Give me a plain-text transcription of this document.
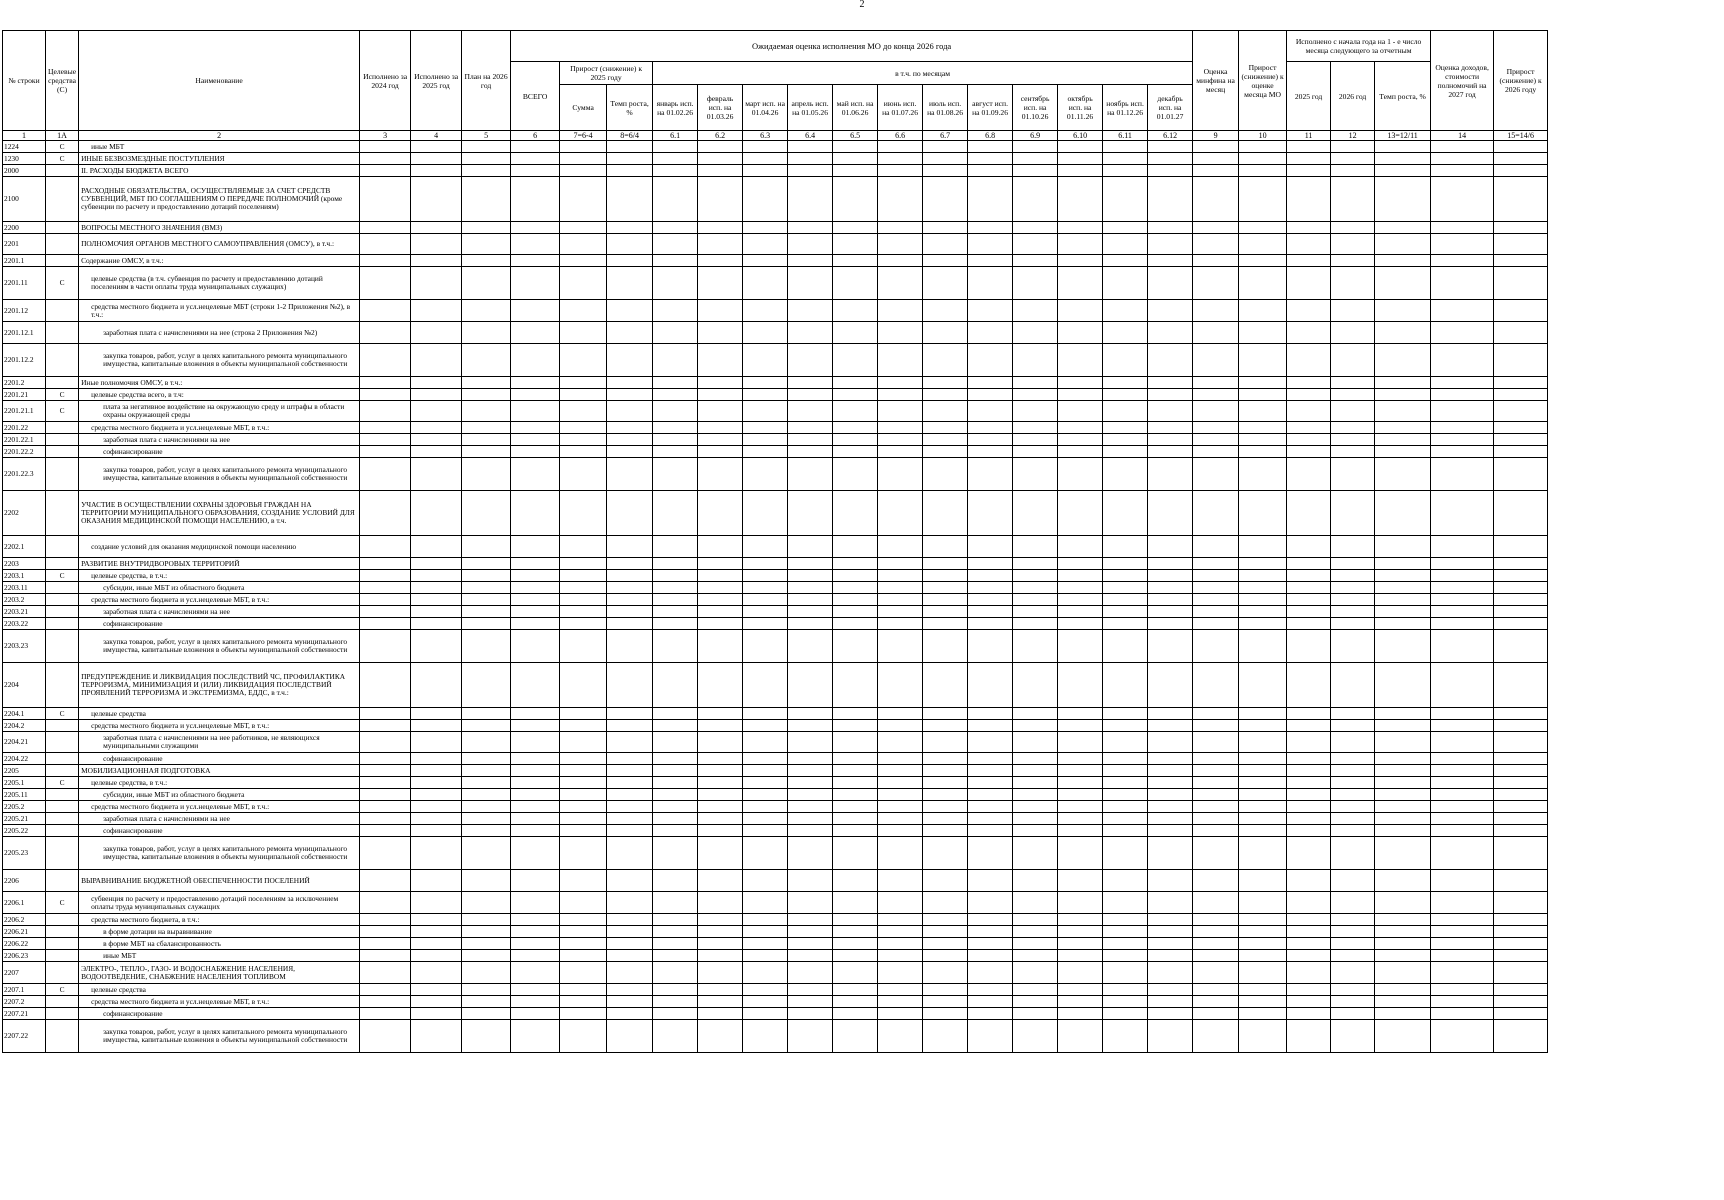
2
№ строки	Целевые средства (С)	Наименование	Исполнено за 2024 год	Исполнено за 2025 год	План на 2026 год	Ожидаемая оценка исполнения МО до конца 2026 года															Оценка минфина на месяц	Прирост (снижение) к оценке месяца МО	Исполнено с начала года на 1 - е число месяца следующего за отчетным			Оценка доходов, стоимости полномочий на 2027 год	Прирост (снижение) к 2026 году
						ВСЕГО	Прирост (снижение) к 2025 году		в т.ч. по месяцам														2025 год	2026 год	Темп роста, %		
							Сумма	Темп роста, %	январь исп. на 01.02.26	февраль исп. на 01.03.26	март исп. на 01.04.26	апрель исп. на 01.05.26	май исп. на 01.06.26	июнь исп. на 01.07.26	июль исп. на 01.08.26	август исп. на 01.09.26	сентябрь исп. на 01.10.26	октябрь исп. на 01.11.26	ноябрь исп. на 01.12.26	декабрь исп. на 01.01.27							
1	1А	2	3	4	5	6	7=6-4	8=6/4	6.1	6.2	6.3	6.4	6.5	6.6	6.7	6.8	6.9	6.10	6.11	6.12	9	10	11	12	13=12/11	14	15=14/6
1224	С	иные МБТ																									
1230	С	ИНЫЕ БЕЗВОЗМЕЗДНЫЕ ПОСТУПЛЕНИЯ																									
2000		II. РАСХОДЫ БЮДЖЕТА ВСЕГО																									
2100		РАСХОДНЫЕ ОБЯЗАТЕЛЬСТВА, ОСУЩЕСТВЛЯЕМЫЕ ЗА СЧЕТ СРЕДСТВ СУБВЕНЦИЙ, МБТ ПО СОГЛАШЕНИЯМ О ПЕРЕДАЧЕ ПОЛНОМОЧИЙ (кроме субвенции по расчету и предоставлению дотаций поселениям)																									
2200		ВОПРОСЫ МЕСТНОГО ЗНАЧЕНИЯ (ВМЗ)																									
2201		ПОЛНОМОЧИЯ ОРГАНОВ МЕСТНОГО САМОУПРАВЛЕНИЯ (ОМСУ), в т.ч.:																									
2201.1		Содержание ОМСУ, в т.ч.:																									
2201.11	С	целевые средства (в т.ч. субвенция по расчету и предоставлению дотаций поселениям в части оплаты труда муниципальных служащих)																									
2201.12		средства местного бюджета и усл.нецелевые МБТ (строки 1-2 Приложения №2), в т.ч.:																									
2201.12.1		заработная плата с начислениями на нее (строка 2 Приложения №2)																									
2201.12.2		закупка товаров, работ, услуг в целях капитального ремонта муниципального имущества, капитальные вложения в объекты муниципальной собственности																									
2201.2		Иные полномочия ОМСУ, в т.ч.:																									
2201.21	С	целевые средства всего, в т.ч:																									
2201.21.1	С	плата за негативное воздействие на окружающую среду и штрафы в области охраны окружающей среды																									
2201.22		средства местного бюджета и усл.нецелевые МБТ, в т.ч.:																									
2201.22.1		заработная плата с начислениями на нее																									
2201.22.2		софинансирование																									
2201.22.3		закупка товаров, работ, услуг в целях капитального ремонта муниципального имущества, капитальные вложения в объекты муниципальной собственности																									
2202		УЧАСТИЕ В ОСУЩЕСТВЛЕНИИ ОХРАНЫ ЗДОРОВЬЯ ГРАЖДАН НА ТЕРРИТОРИИ МУНИЦИПАЛЬНОГО ОБРАЗОВАНИЯ, СОЗДАНИЕ УСЛОВИЙ ДЛЯ ОКАЗАНИЯ МЕДИЦИНСКОЙ ПОМОЩИ НАСЕЛЕНИЮ, в т.ч.																									
2202.1		создание условий для оказания медицинской помощи населению																									
2203		РАЗВИТИЕ ВНУТРИДВОРОВЫХ ТЕРРИТОРИЙ																									
2203.1	С	целевые средства, в т.ч.:																									
2203.11		субсидии, иные МБТ из областного бюджета																									
2203.2		средства местного бюджета и усл.нецелевые МБТ, в т.ч.:																									
2203.21		заработная плата с начислениями на нее																									
2203.22		софинансирование																									
2203.23		закупка товаров, работ, услуг в целях капитального ремонта муниципального имущества, капитальные вложения в объекты муниципальной собственности																									
2204		ПРЕДУПРЕЖДЕНИЕ И ЛИКВИДАЦИЯ ПОСЛЕДСТВИЙ ЧС, ПРОФИЛАКТИКА ТЕРРОРИЗМА, МИНИМИЗАЦИЯ И (ИЛИ) ЛИКВИДАЦИЯ ПОСЛЕДСТВИЙ ПРОЯВЛЕНИЙ ТЕРРОРИЗМА И ЭКСТРЕМИЗМА, ЕДДС, в т.ч.:																									
2204.1	С	целевые средства																									
2204.2		средства местного бюджета и усл.нецелевые МБТ, в т.ч.:																									
2204.21		заработная плата с начислениями на нее работников, не являющихся муниципальными служащими																									
2204.22		софинансирование																									
2205		МОБИЛИЗАЦИОННАЯ ПОДГОТОВКА																									
2205.1	С	целевые средства, в т.ч.:																									
2205.11		субсидии, иные МБТ из областного бюджета																									
2205.2		средства местного бюджета и усл.нецелевые МБТ, в т.ч.:																									
2205.21		заработная плата с начислениями на нее																									
2205.22		софинансирование																									
2205.23		закупка товаров, работ, услуг в целях капитального ремонта муниципального имущества, капитальные вложения в объекты муниципальной собственности																									
2206		ВЫРАВНИВАНИЕ БЮДЖЕТНОЙ ОБЕСПЕЧЕННОСТИ ПОСЕЛЕНИЙ																									
2206.1	С	субвенция по расчету и предоставлению дотаций поселениям за исключением оплаты труда муниципальных служащих																									
2206.2		средства местного бюджета, в т.ч.:																									
2206.21		в форме дотации на выравнивание																									
2206.22		в форме МБТ на сбалансированность																									
2206.23		иные МБТ																									
2207		ЭЛЕКТРО-, ТЕПЛО-, ГАЗО- И ВОДОСНАБЖЕНИЕ НАСЕЛЕНИЯ, ВОДООТВЕДЕНИЕ, СНАБЖЕНИЕ НАСЕЛЕНИЯ ТОПЛИВОМ																									
2207.1	С	целевые средства																									
2207.2		средства местного бюджета и усл.нецелевые МБТ, в т.ч.:																									
2207.21		софинансирование																									
2207.22		закупка товаров, работ, услуг в целях капитального ремонта муниципального имущества, капитальные вложения в объекты муниципальной собственности																									
